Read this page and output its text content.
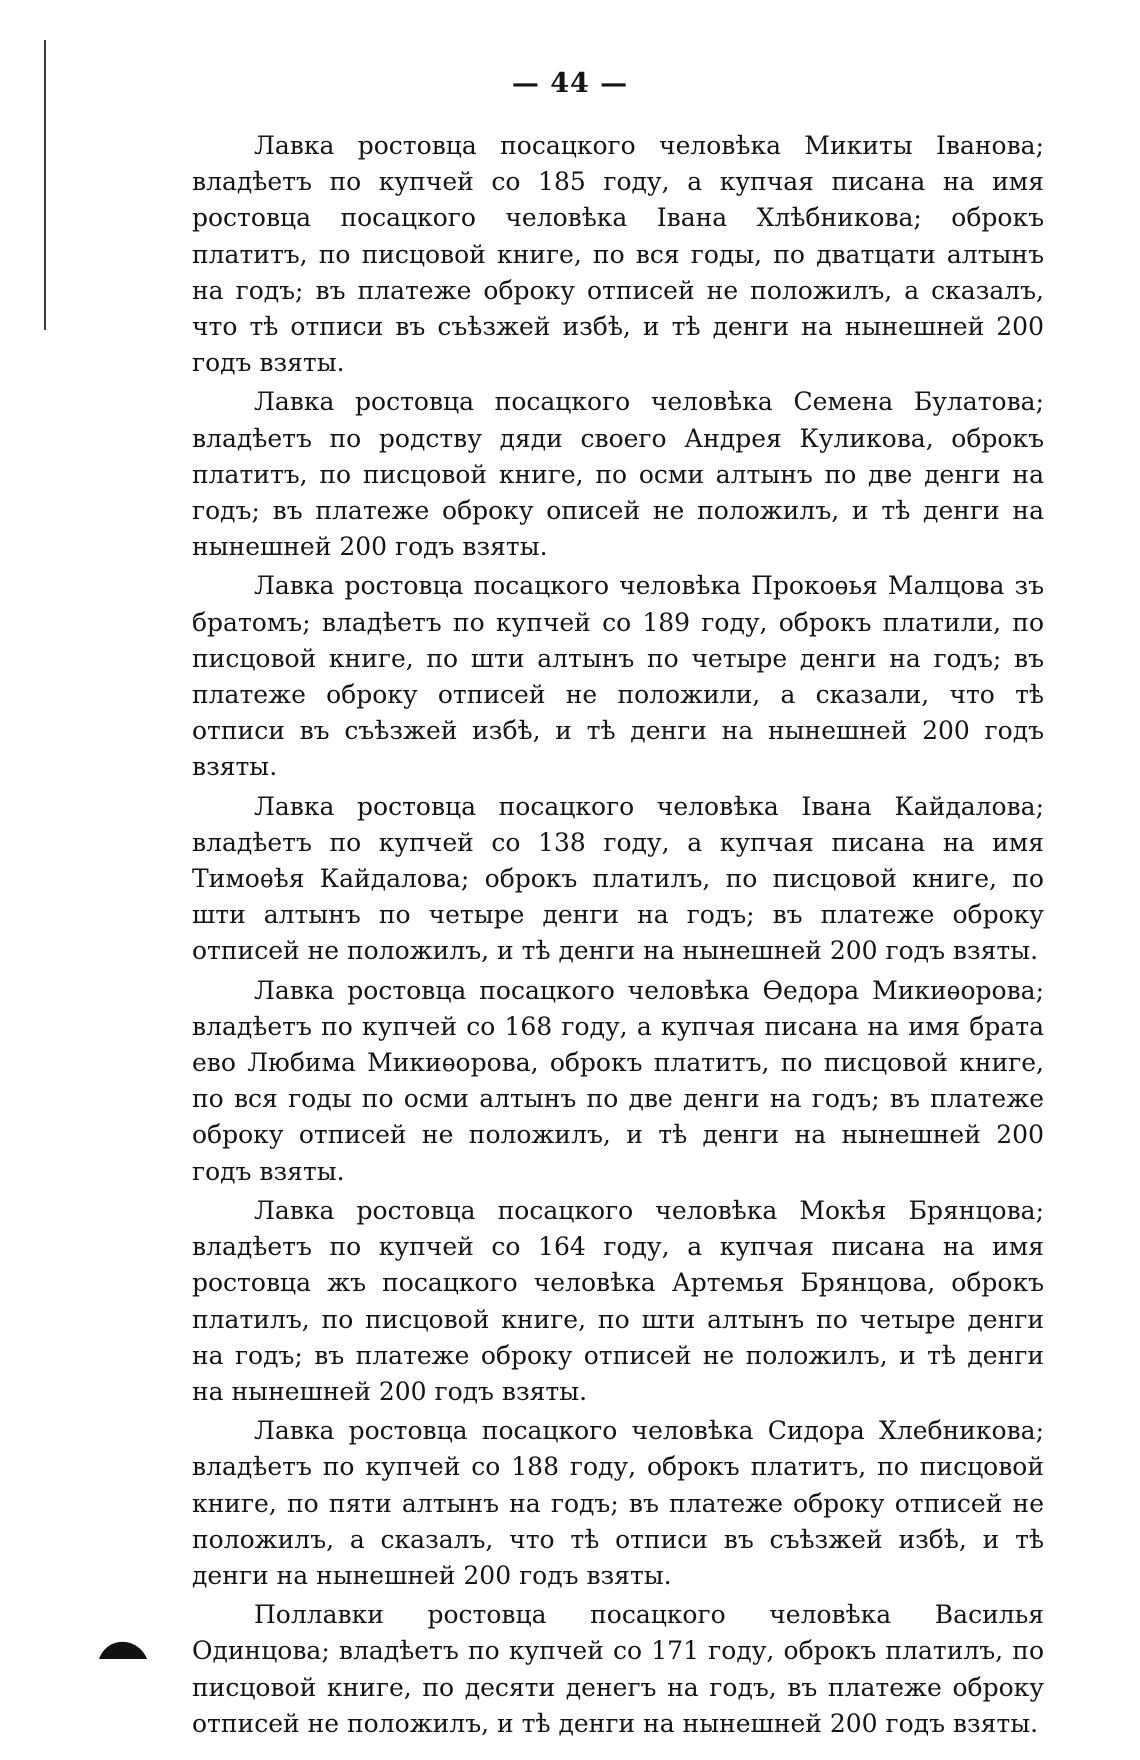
— 44 —

Лавка ростовца посацкого человѣка Микиты Іванова; владѣетъ по купчей со 185 году, а купчая писана на имя ростовца посацкого человѣка Івана Хлѣбникова; оброкъ платитъ, по писцовой книге, по вся годы, по дватцати алтынъ на годъ; въ платеже оброку отписей не положилъ, а сказалъ, что тѣ отписи въ съѣзжей избѣ, и тѣ денги на нынешней 200 годъ взяты.

Лавка ростовца посацкого человѣка Семена Булатова; владѣетъ по родству дяди своего Андрея Куликова, оброкъ платитъ, по писцовой книге, по осми алтынъ по две денги на годъ; въ платеже оброку описей не положилъ, и тѣ денги на нынешней 200 годъ взяты.

Лавка ростовца посацкого человѣка Прокоѳья Малцова зъ братомъ; владѣетъ по купчей со 189 году, оброкъ платили, по писцовой книге, по шти алтынъ по четыре денги на годъ; въ платеже оброку отписей не положили, а сказали, что тѣ отписи въ съѣзжей избѣ, и тѣ денги на нынешней 200 годъ взяты.

Лавка ростовца посацкого человѣка Івана Кайдалова; владѣетъ по купчей со 138 году, а купчая писана на имя Тимоѳѣя Кайдалова; оброкъ платилъ, по писцовой книге, по шти алтынъ по четыре денги на годъ; въ платеже оброку отписей не положилъ, и тѣ денги на нынешней 200 годъ взяты.

Лавка ростовца посацкого человѣка Ѳедора Микиѳорова; владѣетъ по купчей со 168 году, а купчая писана на имя брата ево Любима Микиѳорова, оброкъ платитъ, по писцовой книге, по вся годы по осми алтынъ по две денги на годъ; въ платеже оброку отписей не положилъ, и тѣ денги на нынешней 200 годъ взяты.

Лавка ростовца посацкого человѣка Мокѣя Брянцова; владѣетъ по купчей со 164 году, а купчая писана на имя ростовца жъ посацкого человѣка Артемья Брянцова, оброкъ платилъ, по писцовой книге, по шти алтынъ по четыре денги на годъ; въ платеже оброку отписей не положилъ, и тѣ денги на нынешней 200 годъ взяты.

Лавка ростовца посацкого человѣка Сидора Хлебникова; владѣетъ по купчей со 188 году, оброкъ платитъ, по писцовой книге, по пяти алтынъ на годъ; въ платеже оброку отписей не положилъ, а сказалъ, что тѣ отписи въ съѣзжей избѣ, и тѣ денги на нынешней 200 годъ взяты.

Поллавки ростовца посацкого человѣка Василья Одинцова; владѣетъ по купчей со 171 году, оброкъ платилъ, по писцовой книге, по десяти денегъ на годъ, въ платеже оброку отписей не положилъ, и тѣ денги на нынешней 200 годъ взяты.
